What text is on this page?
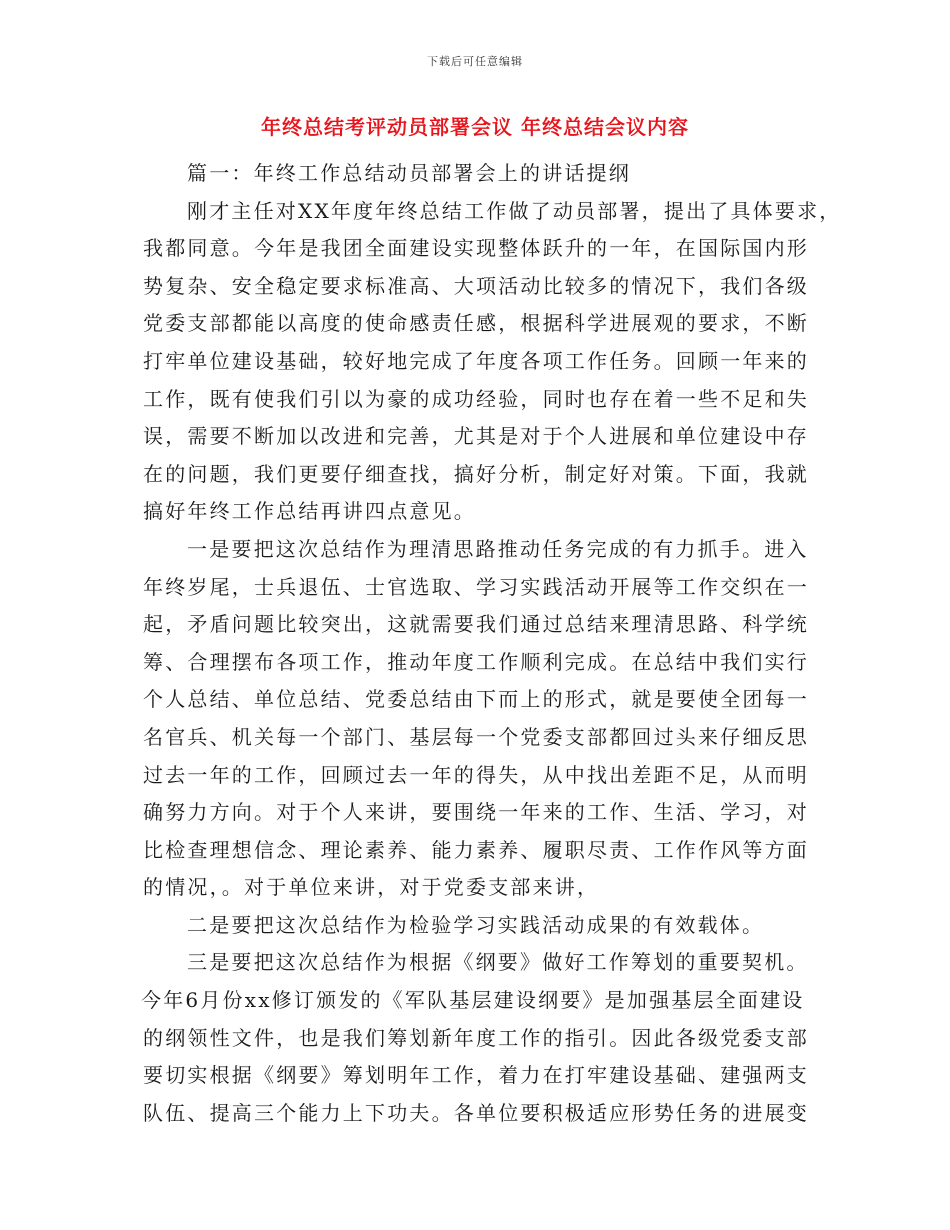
下载后可任意编辑
年终总结考评动员部署会议 年终总结会议内容

篇一：年终工作总结动员部署会上的讲话提纲

刚才主任对XX年度年终总结工作做了动员部署，提出了具体要求，
我都同意。今年是我团全面建设实现整体跃升的一年，在国际国内形
势复杂、安全稳定要求标准高、大项活动比较多的情况下，我们各级
党委支部都能以高度的使命感责任感，根据科学进展观的要求，不断
打牢单位建设基础，较好地完成了年度各项工作任务。回顾一年来的
工作，既有使我们引以为豪的成功经验，同时也存在着一些不足和失
误，需要不断加以改进和完善，尤其是对于个人进展和单位建设中存
在的问题，我们更要仔细查找，搞好分析，制定好对策。下面，我就
搞好年终工作总结再讲四点意见。

一是要把这次总结作为理清思路推动任务完成的有力抓手。进入
年终岁尾，士兵退伍、士官选取、学习实践活动开展等工作交织在一
起，矛盾问题比较突出，这就需要我们通过总结来理清思路、科学统
筹、合理摆布各项工作，推动年度工作顺利完成。在总结中我们实行
个人总结、单位总结、党委总结由下而上的形式，就是要使全团每一
名官兵、机关每一个部门、基层每一个党委支部都回过头来仔细反思
过去一年的工作，回顾过去一年的得失，从中找出差距不足，从而明
确努力方向。对于个人来讲，要围绕一年来的工作、生活、学习，对
比检查理想信念、理论素养、能力素养、履职尽责、工作作风等方面
的情况，。对于单位来讲，对于党委支部来讲，

二是要把这次总结作为检验学习实践活动成果的有效载体。

三是要把这次总结作为根据《纲要》做好工作筹划的重要契机。
今年6月份xx修订颁发的《军队基层建设纲要》是加强基层全面建设
的纲领性文件，也是我们筹划新年度工作的指引。因此各级党委支部
要切实根据《纲要》筹划明年工作，着力在打牢建设基础、建强两支
队伍、提高三个能力上下功夫。各单位要积极适应形势任务的进展变
